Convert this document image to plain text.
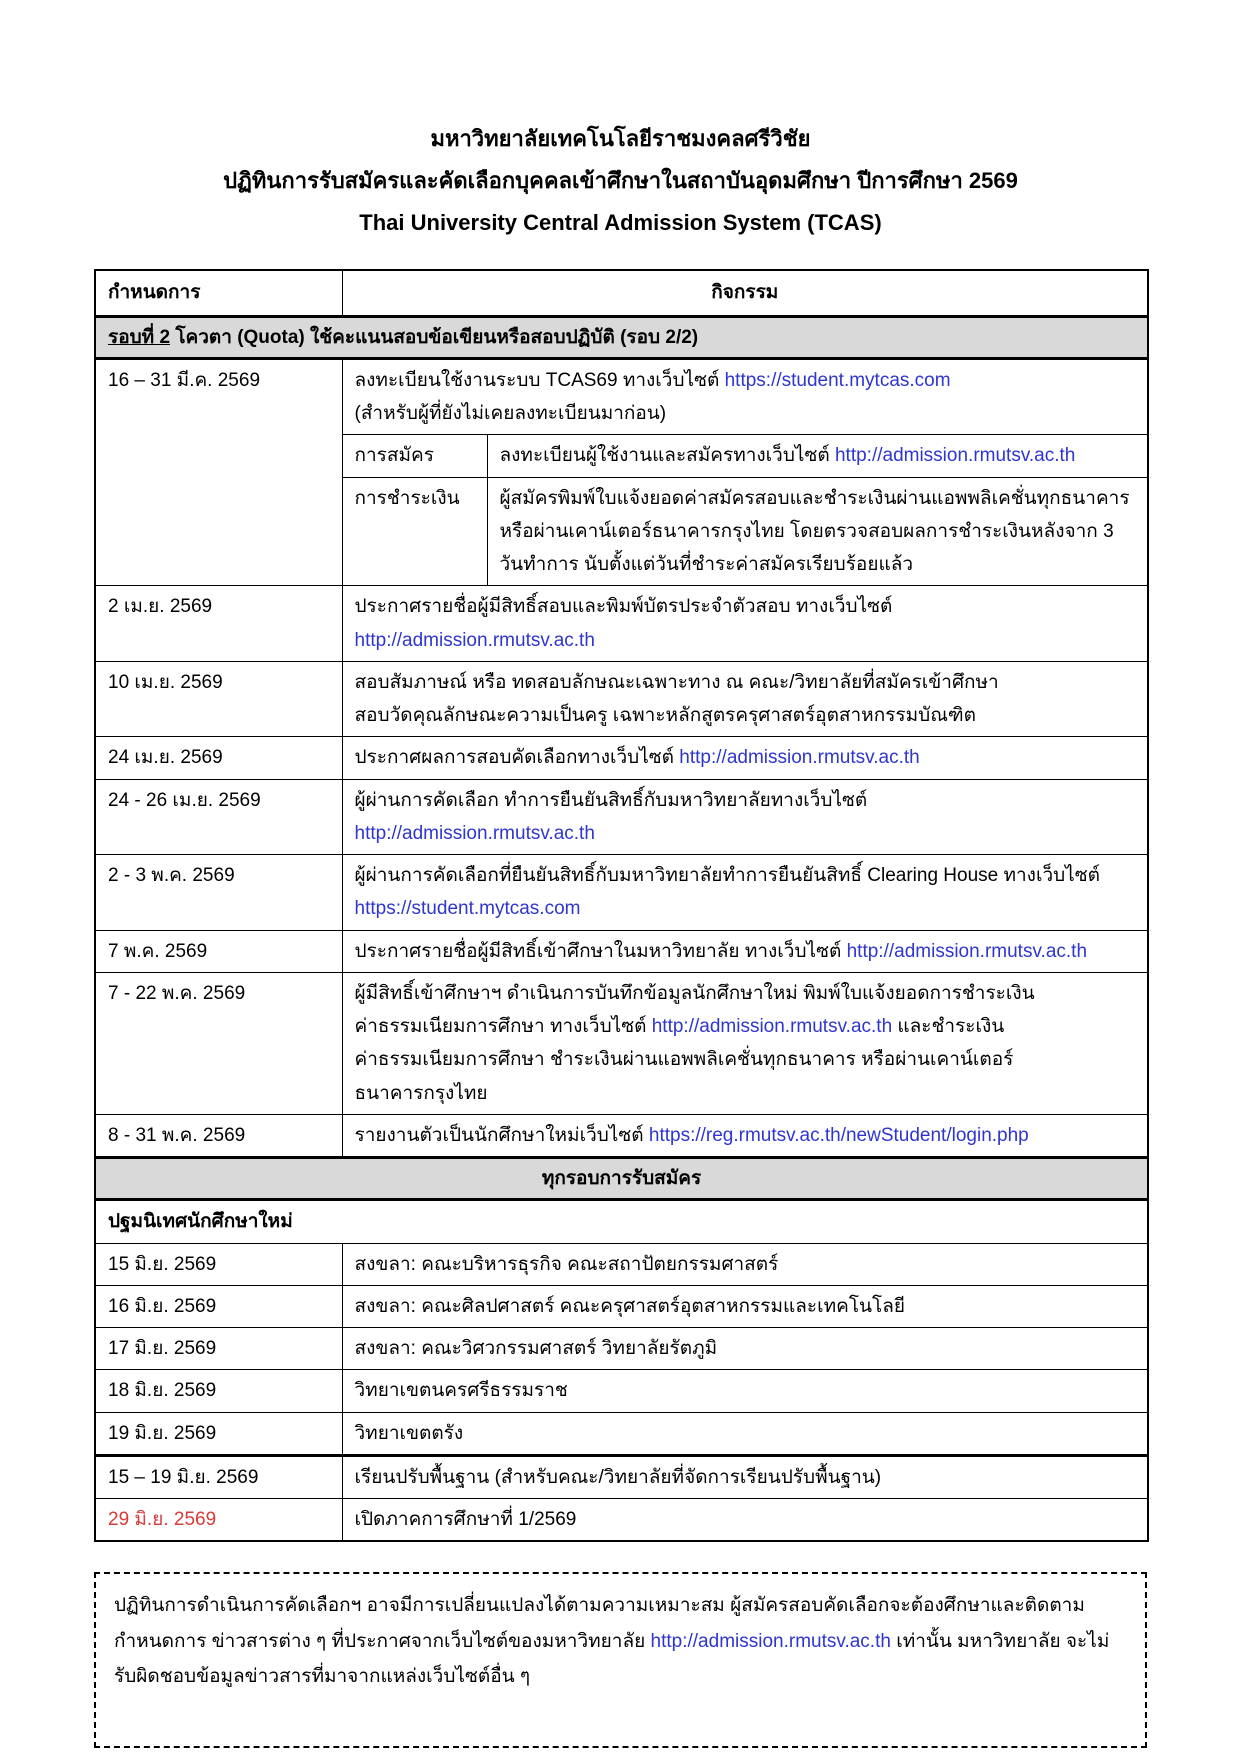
มหาวิทยาลัยเทคโนโลยีราชมงคลศรีวิชัย
ปฏิทินการรับสมัครและคัดเลือกบุคคลเข้าศึกษาในสถาบันอุดมศึกษา ปีการศึกษา 2569
Thai University Central Admission System (TCAS)
กำหนดการ	กิจกรรม	
รอบที่ 2 โควตา (Quota) ใช้คะแนนสอบข้อเขียนหรือสอบปฏิบัติ (รอบ 2/2)		
16 – 31 มี.ค. 2569	ลงทะเบียนใช้งานระบบ TCAS69 ทางเว็บไซต์ https://student.mytcas.com
(สำหรับผู้ที่ยังไม่เคยลงทะเบียนมาก่อน)	

	การสมัคร	ลงทะเบียนผู้ใช้งานและสมัครทางเว็บไซต์ http://admission.rmutsv.ac.th
	การชำระเงิน	ผู้สมัครพิมพ์ใบแจ้งยอดค่าสมัครสอบและชำระเงินผ่านแอพพลิเคชั่นทุกธนาคาร หรือผ่านเคาน์เตอร์ธนาคารกรุงไทย โดยตรวจสอบผลการชำระเงินหลังจาก 3 วันทำการ นับตั้งแต่วันที่ชำระค่าสมัครเรียบร้อยแล้ว
2 เม.ย. 2569	ประกาศรายชื่อผู้มีสิทธิ์สอบและพิมพ์บัตรประจำตัวสอบ ทางเว็บไซต์
http://admission.rmutsv.ac.th	

10 เม.ย. 2569	สอบสัมภาษณ์ หรือ ทดสอบลักษณะเฉพาะทาง ณ คณะ/วิทยาลัยที่สมัครเข้าศึกษา
สอบวัดคุณลักษณะความเป็นครู เฉพาะหลักสูตรครุศาสตร์อุตสาหกรรมบัณฑิต	

24 เม.ย. 2569	ประกาศผลการสอบคัดเลือกทางเว็บไซต์ http://admission.rmutsv.ac.th	
24 - 26 เม.ย. 2569	ผู้ผ่านการคัดเลือก ทำการยืนยันสิทธิ์กับมหาวิทยาลัยทางเว็บไซต์
http://admission.rmutsv.ac.th	

2 - 3 พ.ค. 2569	ผู้ผ่านการคัดเลือกที่ยืนยันสิทธิ์กับมหาวิทยาลัยทำการยืนยันสิทธิ์ Clearing House ทางเว็บไซต์
https://student.mytcas.com	

7 พ.ค. 2569	ประกาศรายชื่อผู้มีสิทธิ์เข้าศึกษาในมหาวิทยาลัย ทางเว็บไซต์ http://admission.rmutsv.ac.th	
7 - 22 พ.ค. 2569	ผู้มีสิทธิ์เข้าศึกษาฯ ดำเนินการบันทึกข้อมูลนักศึกษาใหม่ พิมพ์ใบแจ้งยอดการชำระเงิน
ค่าธรรมเนียมการศึกษา ทางเว็บไซต์ http://admission.rmutsv.ac.th และชำระเงิน
ค่าธรรมเนียมการศึกษา ชำระเงินผ่านแอพพลิเคชั่นทุกธนาคาร หรือผ่านเคาน์เตอร์
ธนาคารกรุงไทย	

8 - 31 พ.ค. 2569	รายงานตัวเป็นนักศึกษาใหม่เว็บไซต์ https://reg.rmutsv.ac.th/newStudent/login.php	
ทุกรอบการรับสมัคร		
ปฐมนิเทศนักศึกษาใหม่		
15 มิ.ย. 2569	สงขลา: คณะบริหารธุรกิจ คณะสถาปัตยกรรมศาสตร์	
16 มิ.ย. 2569	สงขลา: คณะศิลปศาสตร์ คณะครุศาสตร์อุตสาหกรรมและเทคโนโลยี	
17 มิ.ย. 2569	สงขลา: คณะวิศวกรรมศาสตร์ วิทยาลัยรัตภูมิ	
18 มิ.ย. 2569	วิทยาเขตนครศรีธรรมราช	
19 มิ.ย. 2569	วิทยาเขตตรัง	
15 – 19 มิ.ย. 2569	เรียนปรับพื้นฐาน (สำหรับคณะ/วิทยาลัยที่จัดการเรียนปรับพื้นฐาน)	
29 มิ.ย. 2569	เปิดภาคการศึกษาที่ 1/2569	
ปฏิทินการดำเนินการคัดเลือกฯ อาจมีการเปลี่ยนแปลงได้ตามความเหมาะสม ผู้สมัครสอบคัดเลือกจะต้องศึกษาและติดตาม กำหนดการ ข่าวสารต่าง ๆ ที่ประกาศจากเว็บไซต์ของมหาวิทยาลัย http://admission.rmutsv.ac.th เท่านั้น มหาวิทยาลัย จะไม่รับผิดชอบข้อมูลข่าวสารที่มาจากแหล่งเว็บไซต์อื่น ๆ
